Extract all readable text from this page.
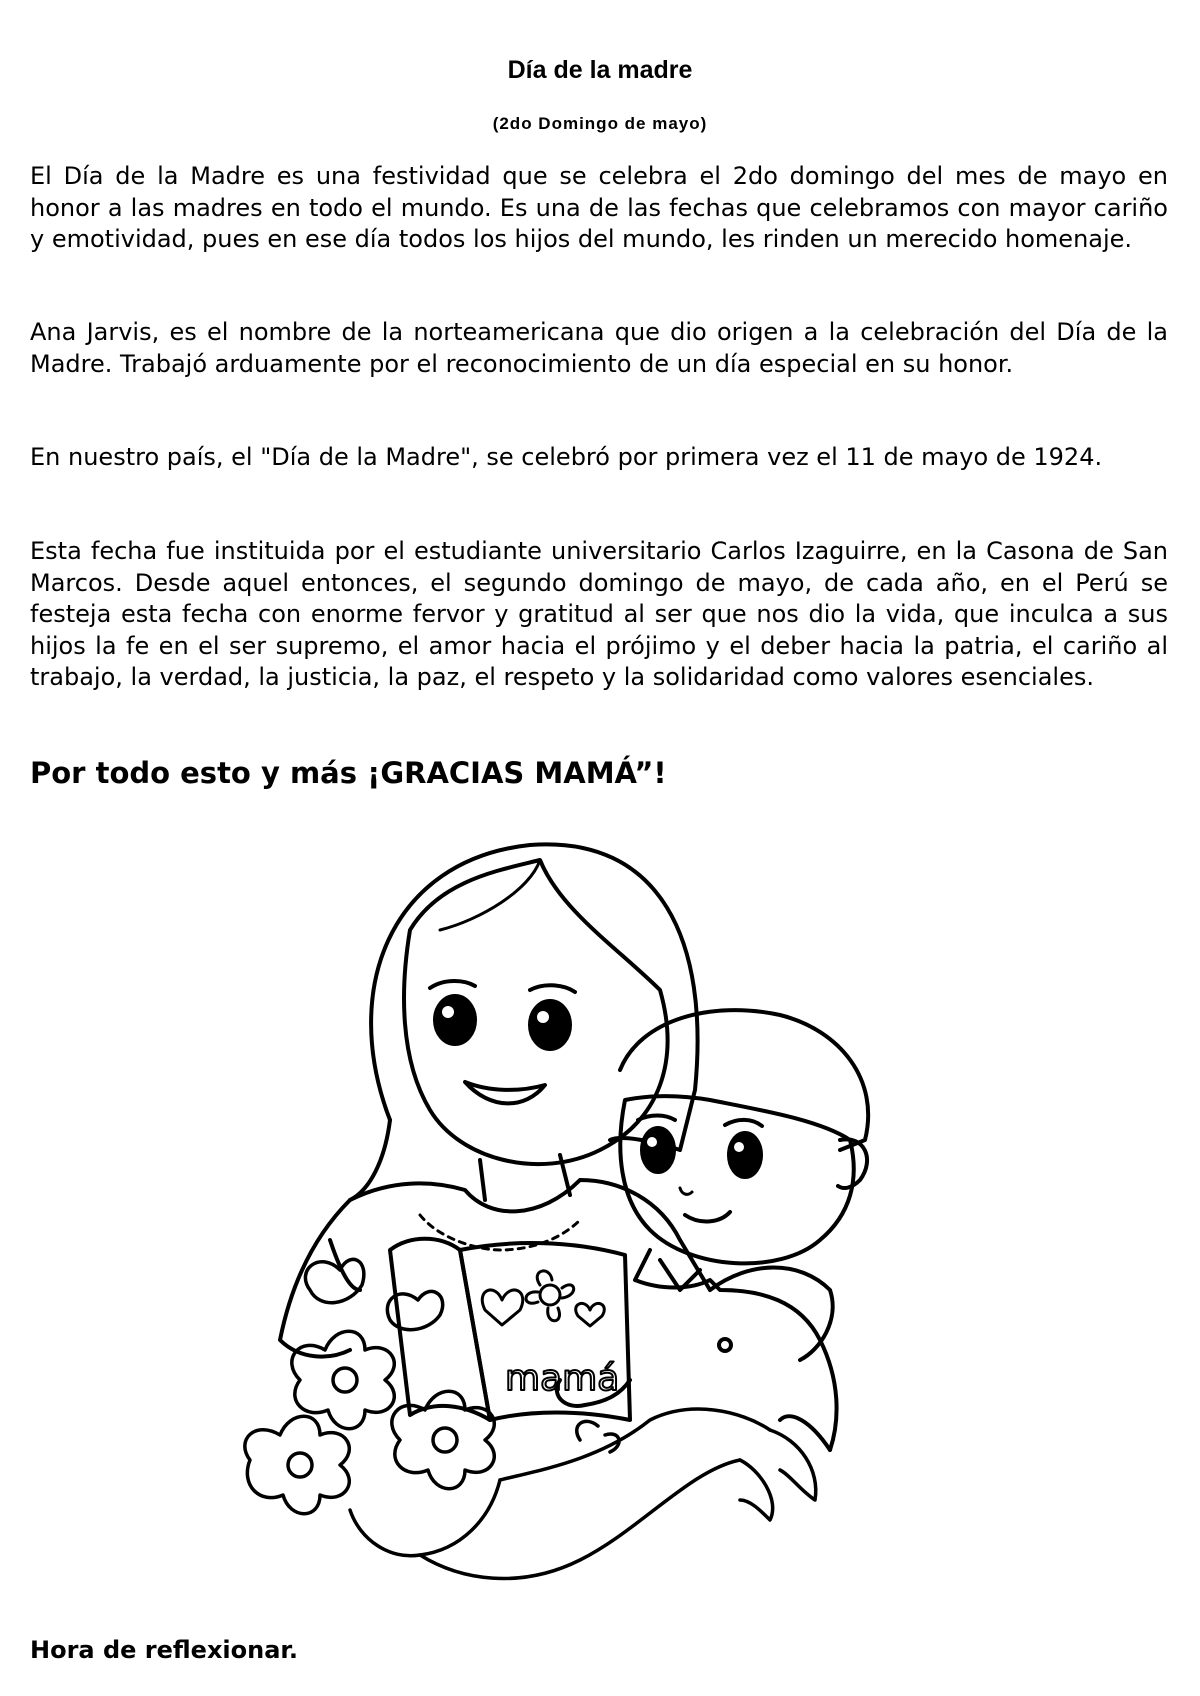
Día de la madre
(2do Domingo de mayo)

El Día de la Madre es una festividad que se celebra el 2do domingo del mes de mayo en honor a las madres en todo el mundo. Es una de las fechas que celebramos con mayor cariño y emotividad, pues en ese día todos los hijos del mundo, les rinden un merecido homenaje.

Ana Jarvis, es el nombre de la norteamericana que dio origen a la celebración del Día de la Madre. Trabajó arduamente por el reconocimiento de un día especial en su honor.

En nuestro país, el "Día de la Madre", se celebró por primera vez el 11 de mayo de 1924.

Esta fecha fue instituida por el estudiante universitario Carlos Izaguirre, en la Casona de San Marcos. Desde aquel entonces, el segundo domingo de mayo, de cada año, en el Perú se festeja esta fecha con enorme fervor y gratitud al ser que nos dio la vida, que inculca a sus hijos la fe en el ser supremo, el amor hacia el prójimo y el deber hacia la patria, el cariño al trabajo, la verdad, la justicia, la paz, el respeto y la solidaridad como valores esenciales.

Por todo esto y más ¡GRACIAS MAMÁ”!
mamá
Hora de reflexionar.
